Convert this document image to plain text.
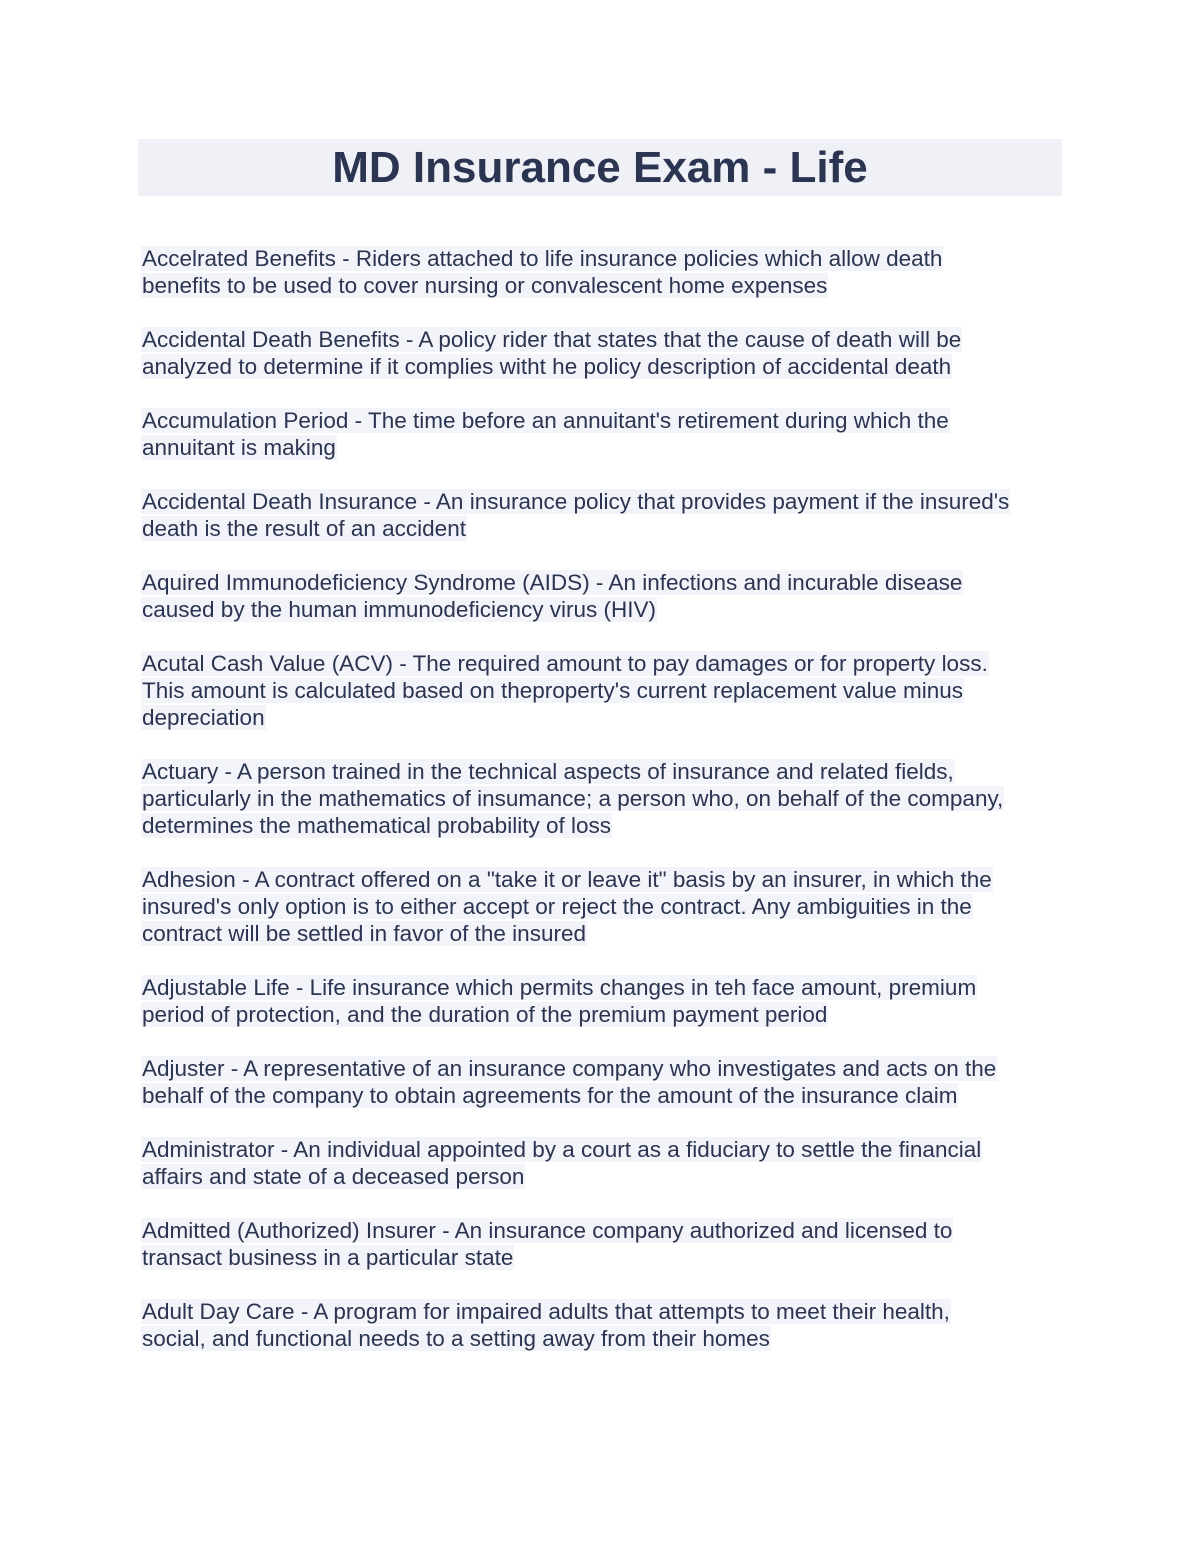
MD Insurance Exam - Life
Accelrated Benefits - Riders attached to life insurance policies which allow death
benefits to be used to cover nursing or convalescent home expenses
Accidental Death Benefits - A policy rider that states that the cause of death will be
analyzed to determine if it complies witht he policy description of accidental death
Accumulation Period - The time before an annuitant's retirement during which the
annuitant is making
Accidental Death Insurance - An insurance policy that provides payment if the insured's
death is the result of an accident
Aquired Immunodeficiency Syndrome (AIDS) - An infections and incurable disease
caused by the human immunodeficiency virus (HIV)
Acutal Cash Value (ACV) - The required amount to pay damages or for property loss.
This amount is calculated based on theproperty's current replacement value minus
depreciation
Actuary - A person trained in the technical aspects of insurance and related fields,
particularly in the mathematics of insumance; a person who, on behalf of the company,
determines the mathematical probability of loss
Adhesion - A contract offered on a "take it or leave it" basis by an insurer, in which the
insured's only option is to either accept or reject the contract. Any ambiguities in the
contract will be settled in favor of the insured
Adjustable Life - Life insurance which permits changes in teh face amount, premium
period of protection, and the duration of the premium payment period
Adjuster - A representative of an insurance company who investigates and acts on the
behalf of the company to obtain agreements for the amount of the insurance claim
Administrator - An individual appointed by a court as a fiduciary to settle the financial
affairs and state of a deceased person
Admitted (Authorized) Insurer - An insurance company authorized and licensed to
transact business in a particular state
Adult Day Care - A program for impaired adults that attempts to meet their health,
social, and functional needs to a setting away from their homes
